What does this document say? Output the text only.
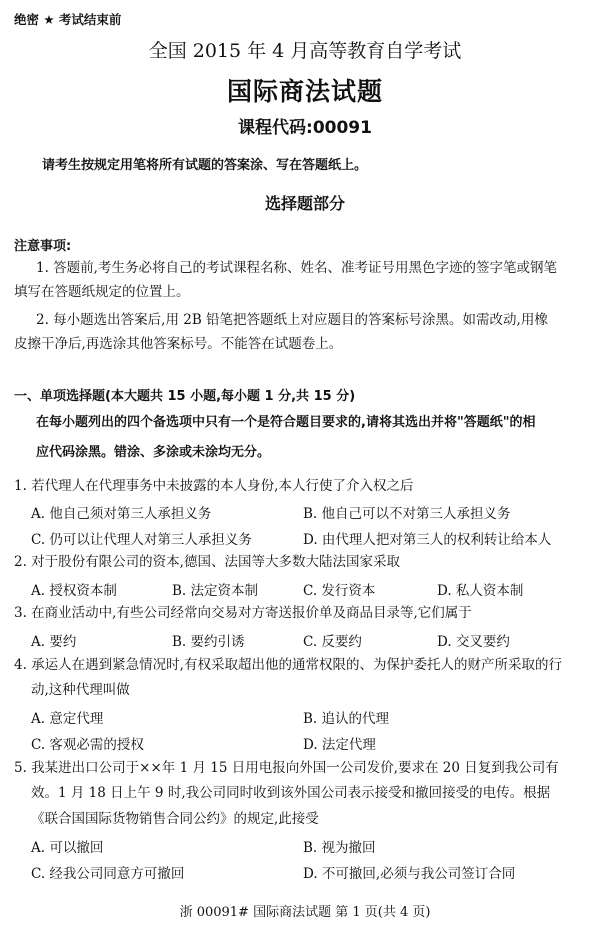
绝密 ★ 考试结束前
全国 2015 年 4 月高等教育自学考试
国际商法试题
课程代码:00091
请考生按规定用笔将所有试题的答案涂、写在答题纸上。
选择题部分
注意事项:
1. 答题前,考生务必将自己的考试课程名称、姓名、准考证号用黑色字迹的签字笔或钢笔
填写在答题纸规定的位置上。
2. 每小题选出答案后,用 2B 铅笔把答题纸上对应题目的答案标号涂黑。如需改动,用橡
皮擦干净后,再选涂其他答案标号。不能答在试题卷上。
一、单项选择题(本大题共 15 小题,每小题 1 分,共 15 分)
在每小题列出的四个备选项中只有一个是符合题目要求的,请将其选出并将"答题纸"的相
应代码涂黑。错涂、多涂或未涂均无分。
1. 若代理人在代理事务中未披露的本人身份,本人行使了介入权之后
A. 他自己须对第三人承担义务	B. 他自己可以不对第三人承担义务
C. 仍可以让代理人对第三人承担义务	D. 由代理人把对第三人的权利转让给本人
2. 对于股份有限公司的资本,德国、法国等大多数大陆法国家采取
A. 授权资本制	B. 法定资本制	C. 发行资本	D. 私人资本制
3. 在商业活动中,有些公司经常向交易对方寄送报价单及商品目录等,它们属于
A. 要约	B. 要约引诱	C. 反要约	D. 交叉要约
4. 承运人在遇到紧急情况时,有权采取超出他的通常权限的、为保护委托人的财产所采取的行
动,这种代理叫做
A. 意定代理	B. 追认的代理
C. 客观必需的授权	D. 法定代理
5. 我某进出口公司于××年 1 月 15 日用电报向外国一公司发价,要求在 20 日复到我公司有
效。1 月 18 日上午 9 时,我公司同时收到该外国公司表示接受和撤回接受的电传。根据
《联合国国际货物销售合同公约》的规定,此接受
A. 可以撤回	B. 视为撤回
C. 经我公司同意方可撤回	D. 不可撤回,必须与我公司签订合同
浙 00091# 国际商法试题 第 1 页(共 4 页)
